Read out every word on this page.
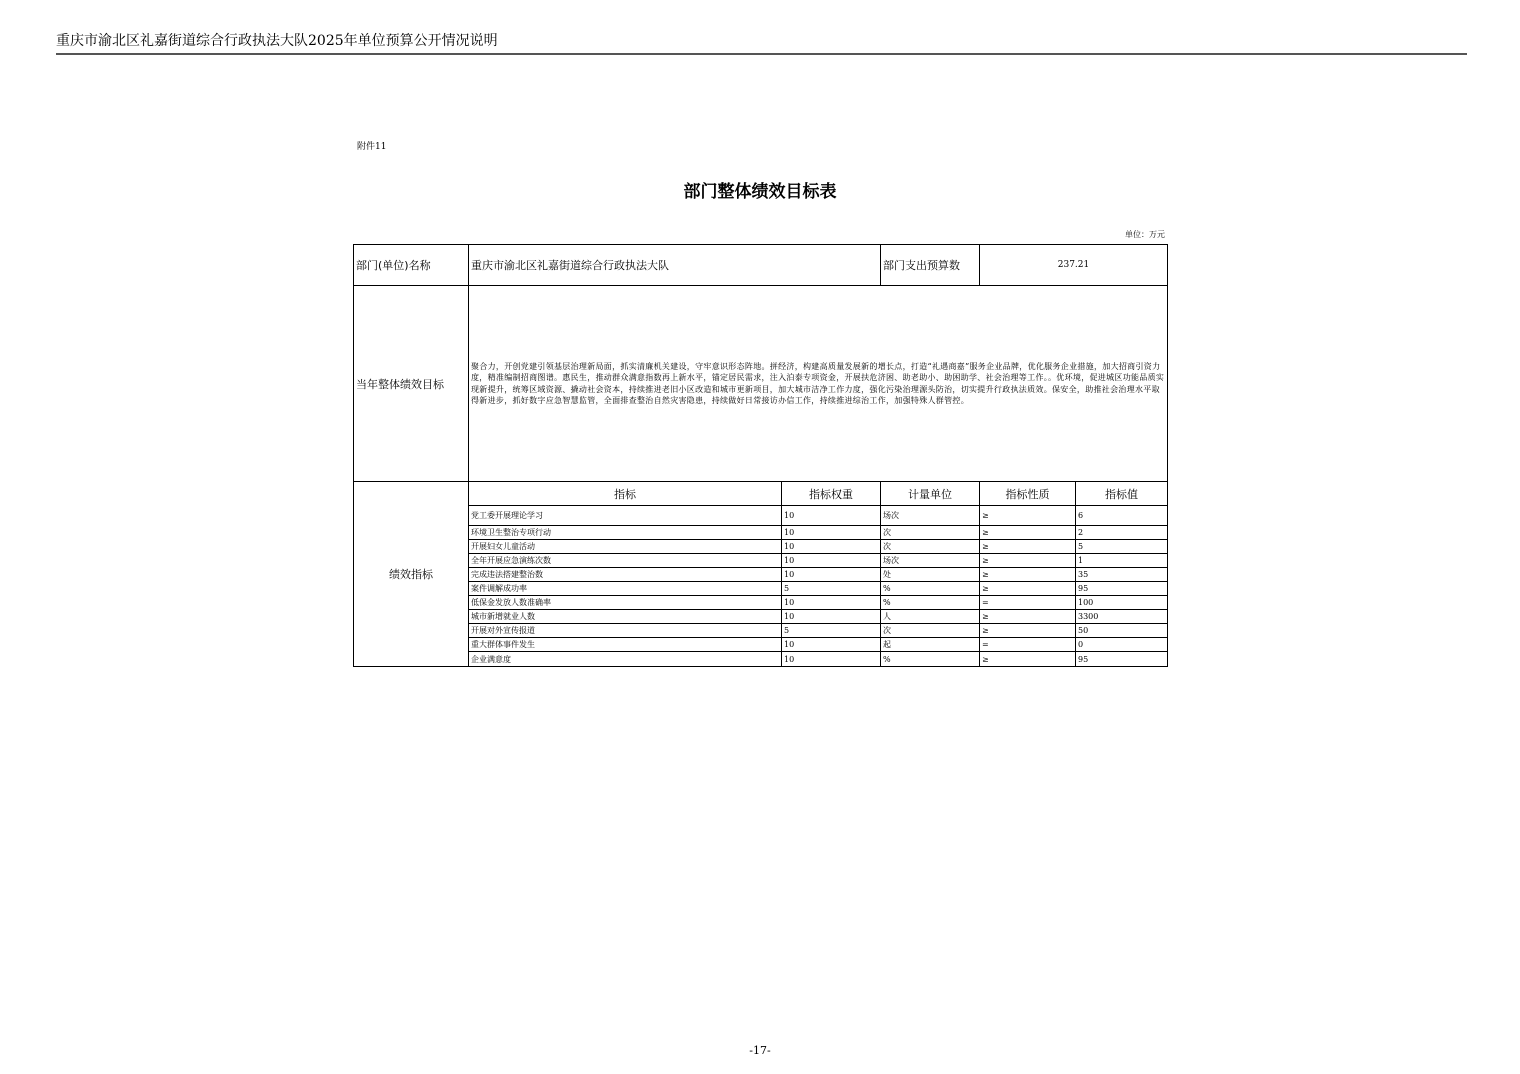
重庆市渝北区礼嘉街道综合行政执法大队2025年单位预算公开情况说明
附件11
部门整体绩效目标表
单位：万元
部门(单位)名称	重庆市渝北区礼嘉街道综合行政执法大队		部门支出预算数	237.21	
当年整体绩效目标	聚合力，开创党建引领基层治理新局面，抓实清廉机关建设，守牢意识形态阵地。拼经济，构建高质量发展新的增长点，打造“礼遇商嘉”服务企业品牌，优化服务企业措施，加大招商引资力度，精准编制招商图谱。惠民生，推动群众满意指数再上新水平，锚定居民需求，注入泊泰专项资金，开展扶危济困、助老助小、助困助学、社会治理等工作。。优环境，促进城区功能品质实现新提升，统筹区域资源、撬动社会资本，持续推进老旧小区改造和城市更新项目，加大城市洁净工作力度，强化污染治理源头防治，切实提升行政执法质效。保安全，助推社会治理水平取得新进步，抓好数字应急智慧监管，全面排查整治自然灾害隐患，持续做好日常接访办信工作，持续推进综治工作，加强特殊人群管控。				
绩效指标	指标	指标权重	计量单位	指标性质	指标值
	党工委开展理论学习	10	场次	≥	6
	环境卫生整治专项行动	10	次	≥	2
	开展妇女儿童活动	10	次	≥	5
	全年开展应急演练次数	10	场次	≥	1
	完成违法搭建整治数	10	处	≥	35
	案件调解成功率	5	%	≥	95
	低保金发放人数准确率	10	%	=	100
	城市新增就业人数	10	人	≥	3300
	开展对外宣传报道	5	次	≥	50
	重大群体事件发生	10	起	=	0
	企业满意度	10	%	≥	95
-17-
